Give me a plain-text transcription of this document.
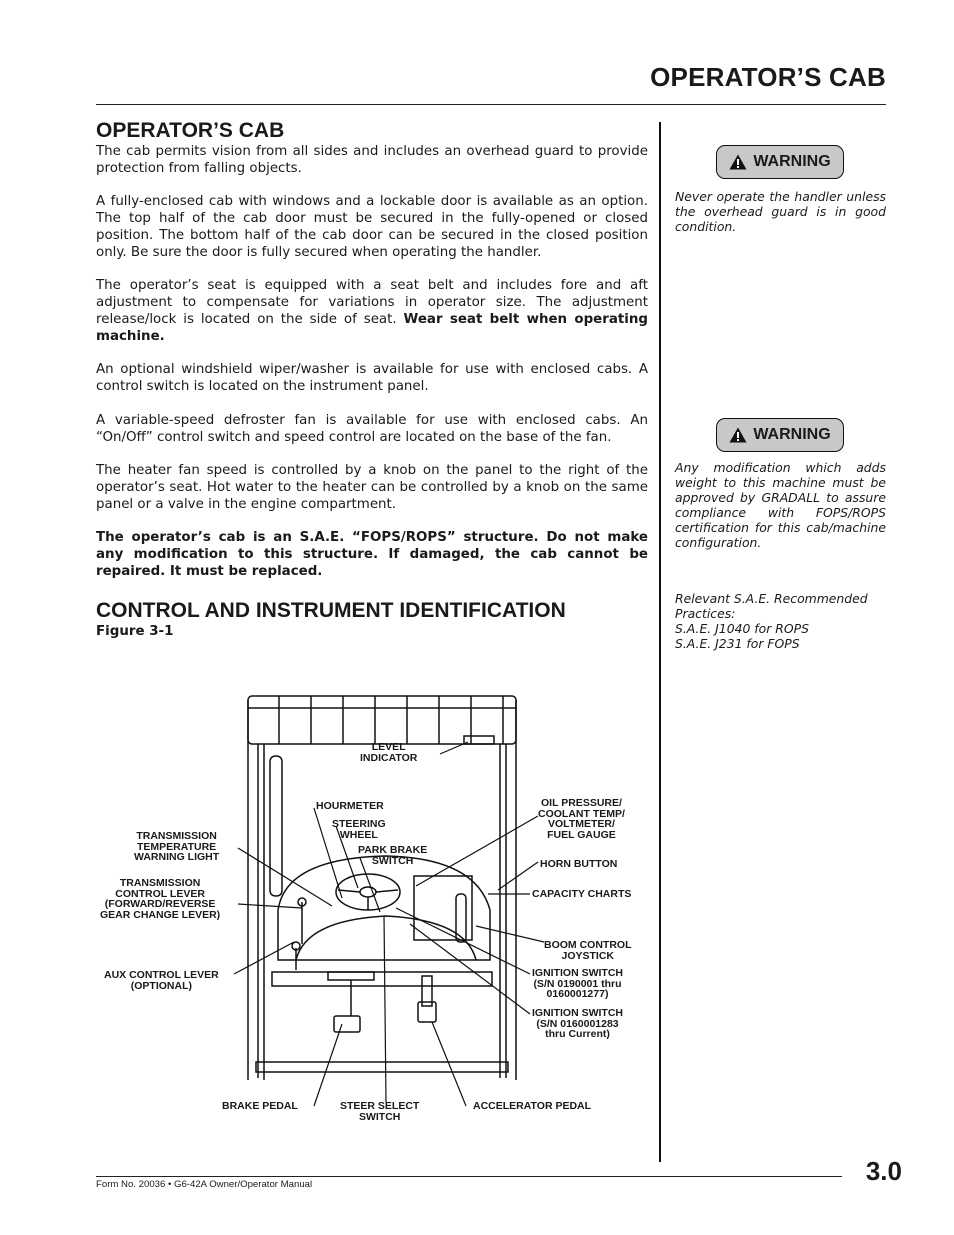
OPERATOR’S CAB
OPERATOR’S CAB

The cab permits vision from all sides and includes an overhead guard to provide protection from falling objects.

A fully-enclosed cab with windows and a lockable door is available as an option. The top half of the cab door must be secured in the fully-opened or closed position. The bottom half of the cab door can be secured in the closed position only. Be sure the door is fully secured when operating the handler.

The operator’s seat is equipped with a seat belt and includes fore and aft adjustment to compensate for variations in operator size. The adjustment release/lock is located on the side of seat. Wear seat belt when operating machine.

An optional windshield wiper/washer is available for use with enclosed cabs. A control switch is located on the instrument panel.

A variable-speed defroster fan is available for use with enclosed cabs. An “On/Off” control switch and speed control are located on the base of the fan.

The heater fan speed is controlled by a knob on the panel to the right of the operator’s seat. Hot water to the heater can be controlled by a knob on the same panel or a valve in the engine compartment.

The operator’s cab is an S.A.E. “FOPS/ROPS” structure. Do not make any modification to this structure. If damaged, the cab cannot be repaired. It must be replaced.

CONTROL AND INSTRUMENT IDENTIFICATION

Figure 3-1

WARNING

Never operate the handler unless the overhead guard is in good condition.

WARNING

Any modification which adds weight to this machine must be approved by GRADALL to assure compliance with FOPS/ROPS certification for this cab/machine configuration.

Relevant S.A.E. Recommended Practices:

S.A.E. J1040 for ROPS

S.A.E. J231 for FOPS

LEVEL
INDICATOR
HOURMETER
STEERING
WHEEL
PARK BRAKE
SWITCH
TRANSMISSION
TEMPERATURE
WARNING LIGHT
TRANSMISSION
CONTROL LEVER
(FORWARD/REVERSE
GEAR CHANGE LEVER)
AUX CONTROL LEVER
(OPTIONAL)
OIL PRESSURE/
COOLANT TEMP/
VOLTMETER/
FUEL GAUGE
HORN BUTTON
CAPACITY CHARTS
BOOM CONTROL
JOYSTICK
IGNITION SWITCH
(S/N 0190001 thru
0160001277)
IGNITION SWITCH
(S/N 0160001283
thru Current)
BRAKE PEDAL	STEER SELECT
SWITCH
ACCELERATOR PEDAL
Form No. 20036 • G6-42A Owner/Operator Manual	3.0
